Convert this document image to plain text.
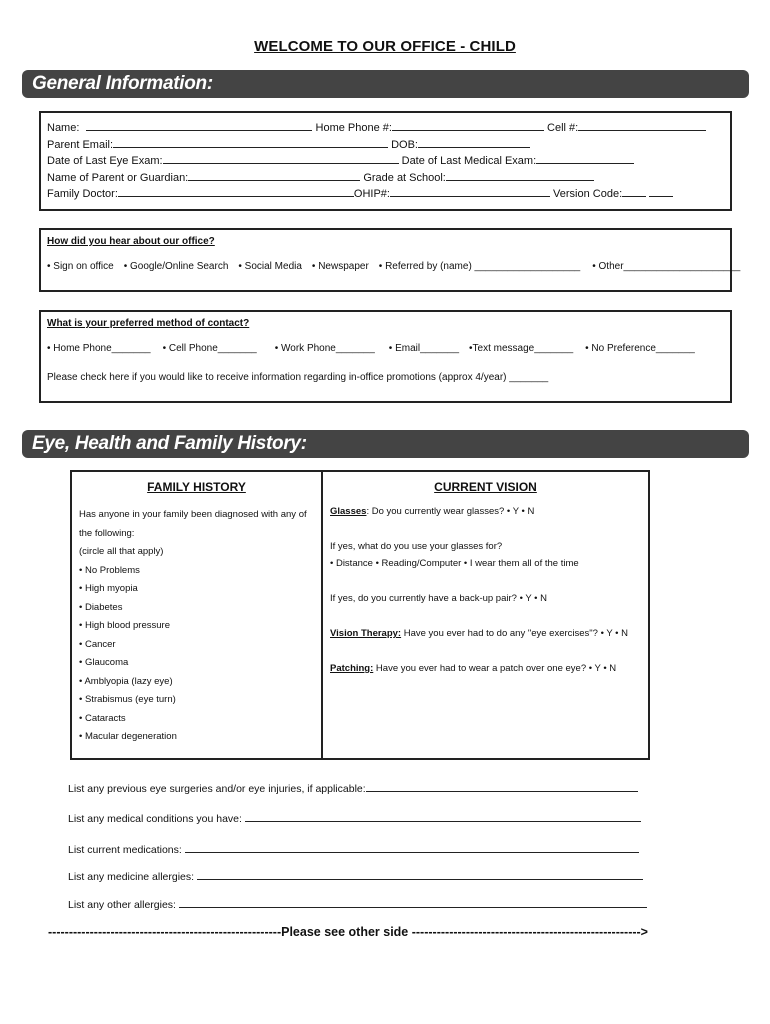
WELCOME TO OUR OFFICE - CHILD
General Information:
Name:	Home Phone #:	Cell #:
Parent Email:	DOB:
Date of Last Eye Exam:	Date of Last Medical Exam:
Name of Parent or Guardian:	Grade at School:
Family Doctor:	OHIP#:	Version Code:
How did you hear about our office?
• Sign on office • Google/Online Search • Social Media • Newspaper • Referred by (name) ___________________ • Other_____________________
What is your preferred method of contact?
• Home Phone_______ • Cell Phone_______ • Work Phone_______ • Email_______ •Text message_______ • No Preference_______
Please check here if you would like to receive information regarding in-office promotions (approx 4/year) _______
Eye, Health and Family History:
FAMILY HISTORY
Has anyone in your family been diagnosed with any of the following:
(circle all that apply)
• No Problems
• High myopia
• Diabetes
• High blood pressure
• Cancer
• Glaucoma
• Amblyopia (lazy eye)
• Strabismus (eye turn)
• Cataracts
• Macular degeneration
CURRENT VISION

Glasses: Do you currently wear glasses? • Y • N

If yes, what do you use your glasses for?

• Distance • Reading/Computer • I wear them all of the time

If yes, do you currently have a back-up pair? • Y • N

Vision Therapy: Have you ever had to do any "eye exercises"? • Y • N

Patching: Have you ever had to wear a patch over one eye? • Y • N

List any previous eye surgeries and/or eye injuries, if applicable:
List any medical conditions you have:
List current medications:
List any medicine allergies:
List any other allergies:
--------------------------------------------------------Please see other side ------------------------------------------------------->
